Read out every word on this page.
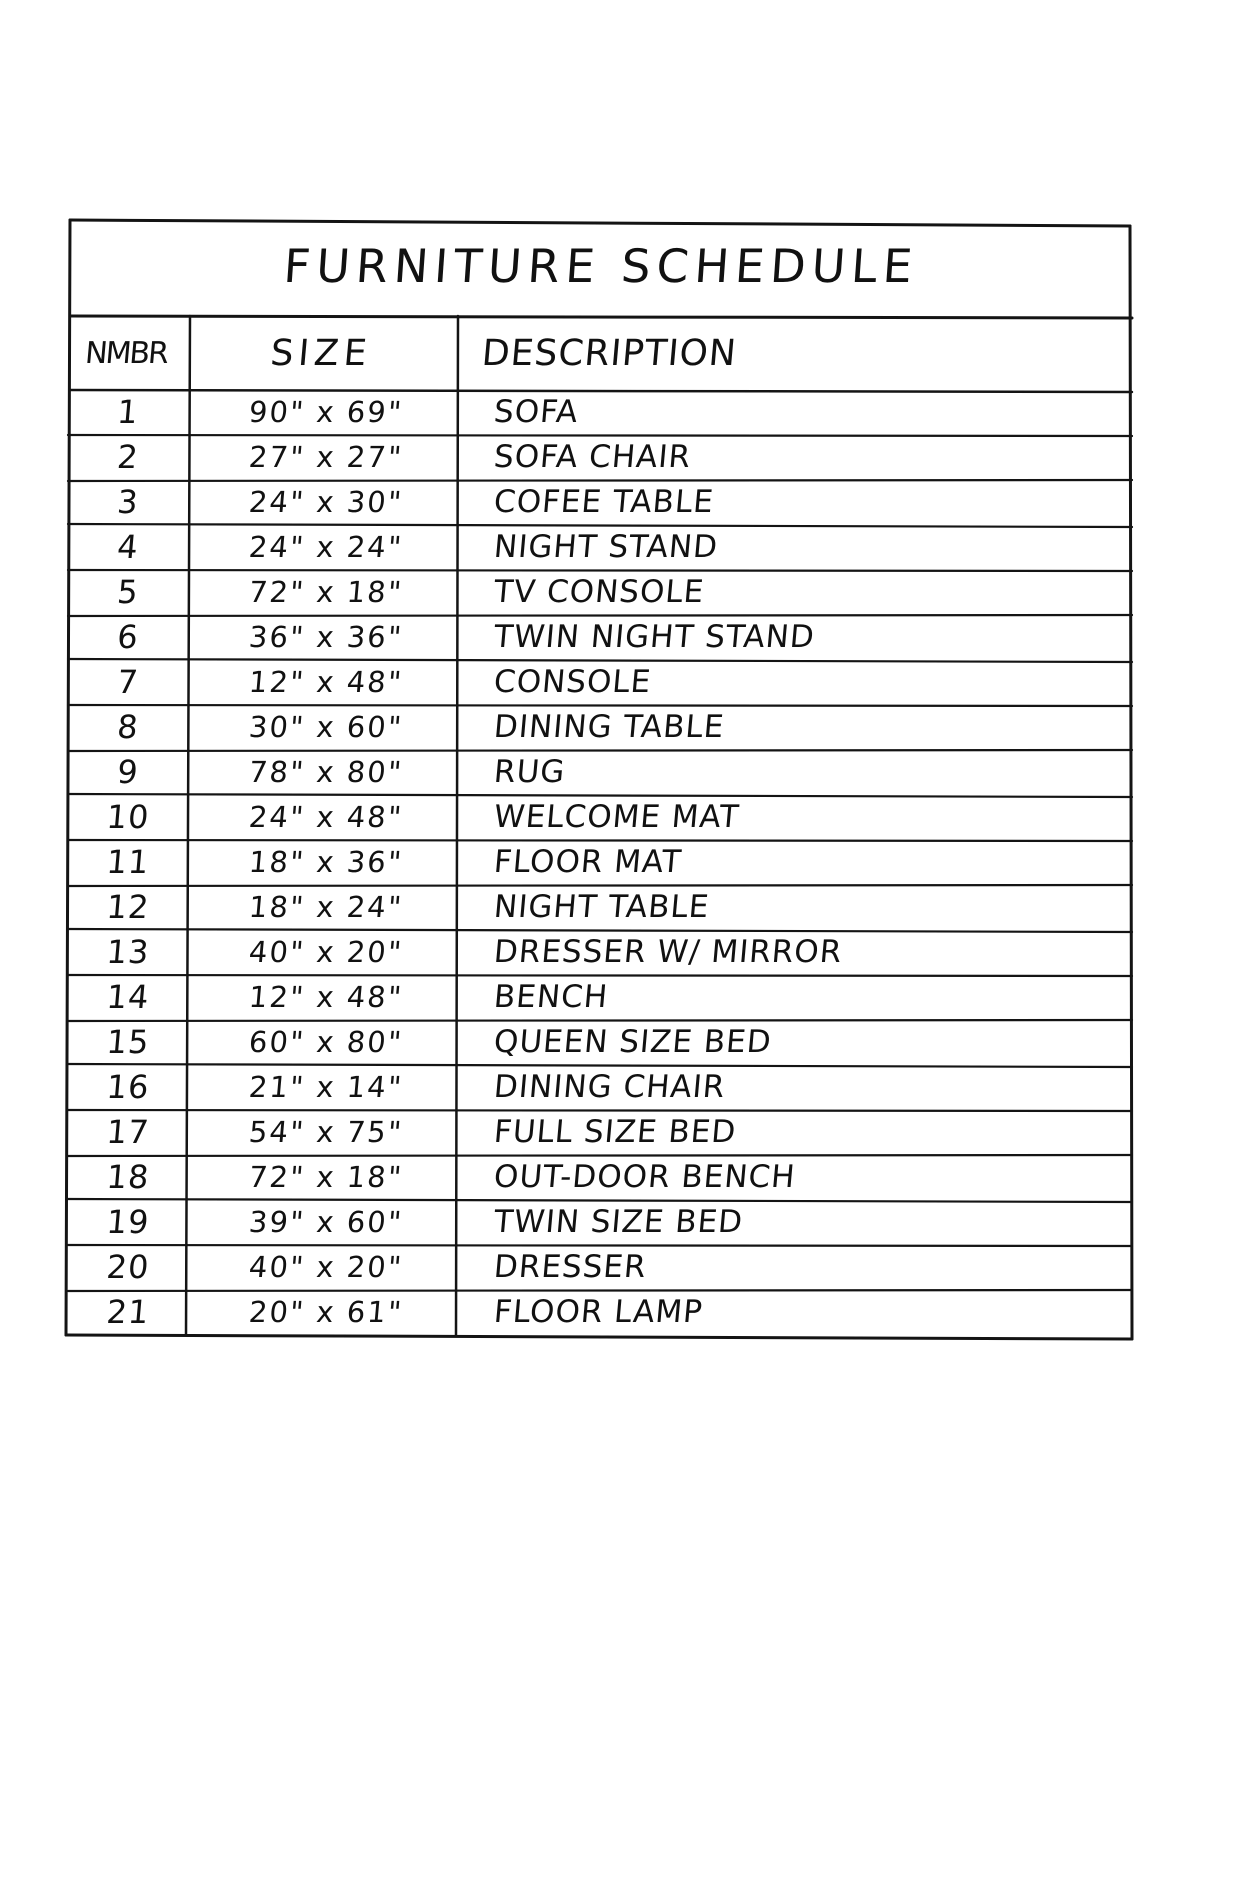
FURNITURE SCHEDULE
NMBR	SIZE	DESCRIPTION
1	90" x 69"	SOFA
2	27" x 27"	SOFA CHAIR
3	24" x 30"	COFEE TABLE
4	24" x 24"	NIGHT STAND
5	72" x 18"	TV CONSOLE
6	36" x 36"	TWIN NIGHT STAND
7	12" x 48"	CONSOLE
8	30" x 60"	DINING TABLE
9	78" x 80"	RUG
10	24" x 48"	WELCOME MAT
11	18" x 36"	FLOOR MAT
12	18" x 24"	NIGHT TABLE
13	40" x 20"	DRESSER W/ MIRROR
14	12" x 48"	BENCH
15	60" x 80"	QUEEN SIZE BED
16	21" x 14"	DINING CHAIR
17	54" x 75"	FULL SIZE BED
18	72" x 18"	OUT-DOOR BENCH
19	39" x 60"	TWIN SIZE BED
20	40" x 20"	DRESSER
21	20" x 61"	FLOOR LAMP
